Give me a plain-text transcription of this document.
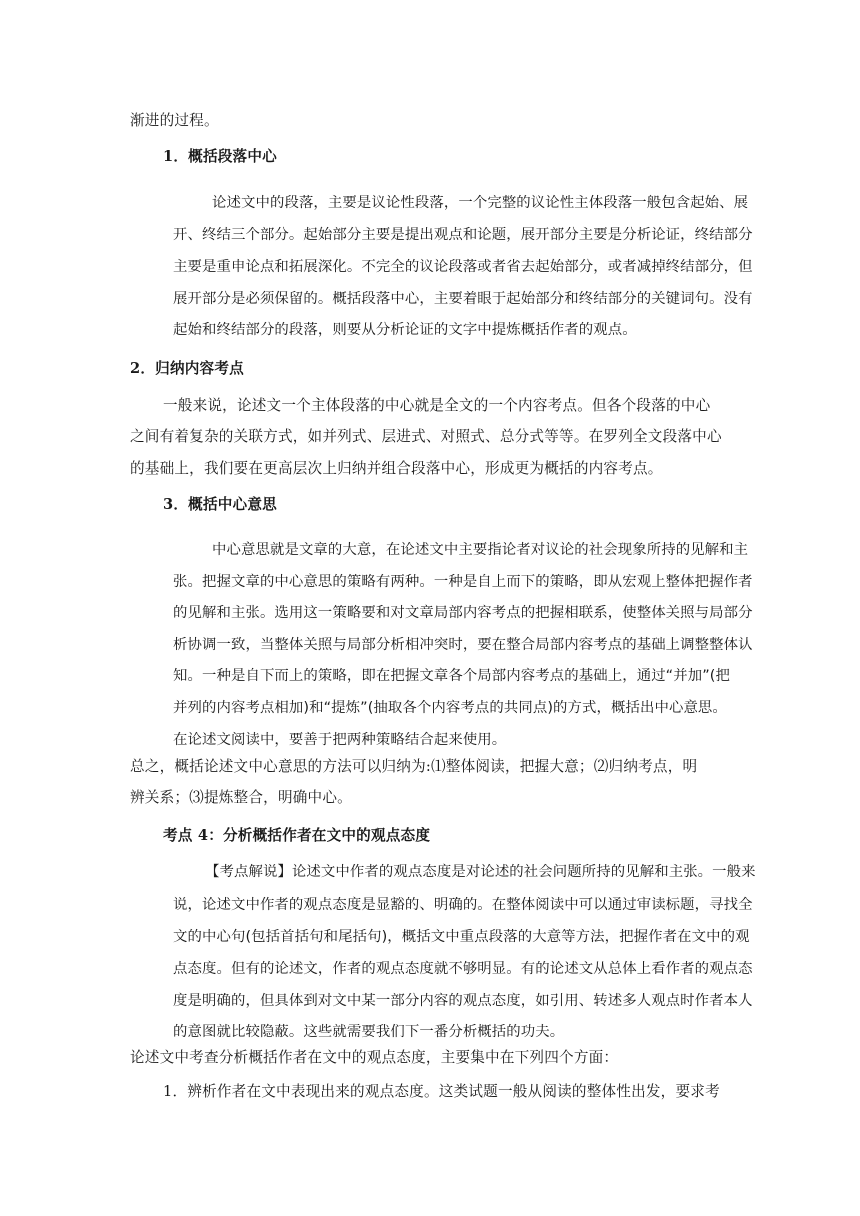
渐进的过程。
1．概括段落中心
论述文中的段落，主要是议论性段落，一个完整的议论性主体段落一般包含起始、展
开、终结三个部分。起始部分主要是提出观点和论题，展开部分主要是分析论证，终结部分
主要是重申论点和拓展深化。不完全的议论段落或者省去起始部分，或者减掉终结部分，但
展开部分是必须保留的。概括段落中心，主要着眼于起始部分和终结部分的关键词句。没有
起始和终结部分的段落，则要从分析论证的文字中提炼概括作者的观点。
2．归纳内容考点
一般来说，论述文一个主体段落的中心就是全文的一个内容考点。但各个段落的中心
之间有着复杂的关联方式，如并列式、层进式、对照式、总分式等等。在罗列全文段落中心
的基础上，我们要在更高层次上归纳并组合段落中心，形成更为概括的内容考点。
3．概括中心意思
中心意思就是文章的大意，在论述文中主要指论者对议论的社会现象所持的见解和主
张。把握文章的中心意思的策略有两种。一种是自上而下的策略，即从宏观上整体把握作者
的见解和主张。选用这一策略要和对文章局部内容考点的把握相联系，使整体关照与局部分
析协调一致，当整体关照与局部分析相冲突时，要在整合局部内容考点的基础上调整整体认
知。一种是自下而上的策略，即在把握文章各个局部内容考点的基础上，通过“并加”(把
并列的内容考点相加)和“提炼”(抽取各个内容考点的共同点)的方式，概括出中心意思。
在论述文阅读中，要善于把两种策略结合起来使用。
总之，概括论述文中心意思的方法可以归纳为:⑴整体阅读，把握大意；⑵归纳考点，明
辨关系；⑶提炼整合，明确中心。
考点 4：分析概括作者在文中的观点态度
【考点解说】论述文中作者的观点态度是对论述的社会问题所持的见解和主张。一般来
说，论述文中作者的观点态度是显豁的、明确的。在整体阅读中可以通过审读标题，寻找全
文的中心句(包括首括句和尾括句)，概括文中重点段落的大意等方法，把握作者在文中的观
点态度。但有的论述文，作者的观点态度就不够明显。有的论述文从总体上看作者的观点态
度是明确的，但具体到对文中某一部分内容的观点态度，如引用、转述多人观点时作者本人
的意图就比较隐蔽。这些就需要我们下一番分析概括的功夫。
论述文中考查分析概括作者在文中的观点态度，主要集中在下列四个方面：
1．辨析作者在文中表现出来的观点态度。这类试题一般从阅读的整体性出发，要求考
